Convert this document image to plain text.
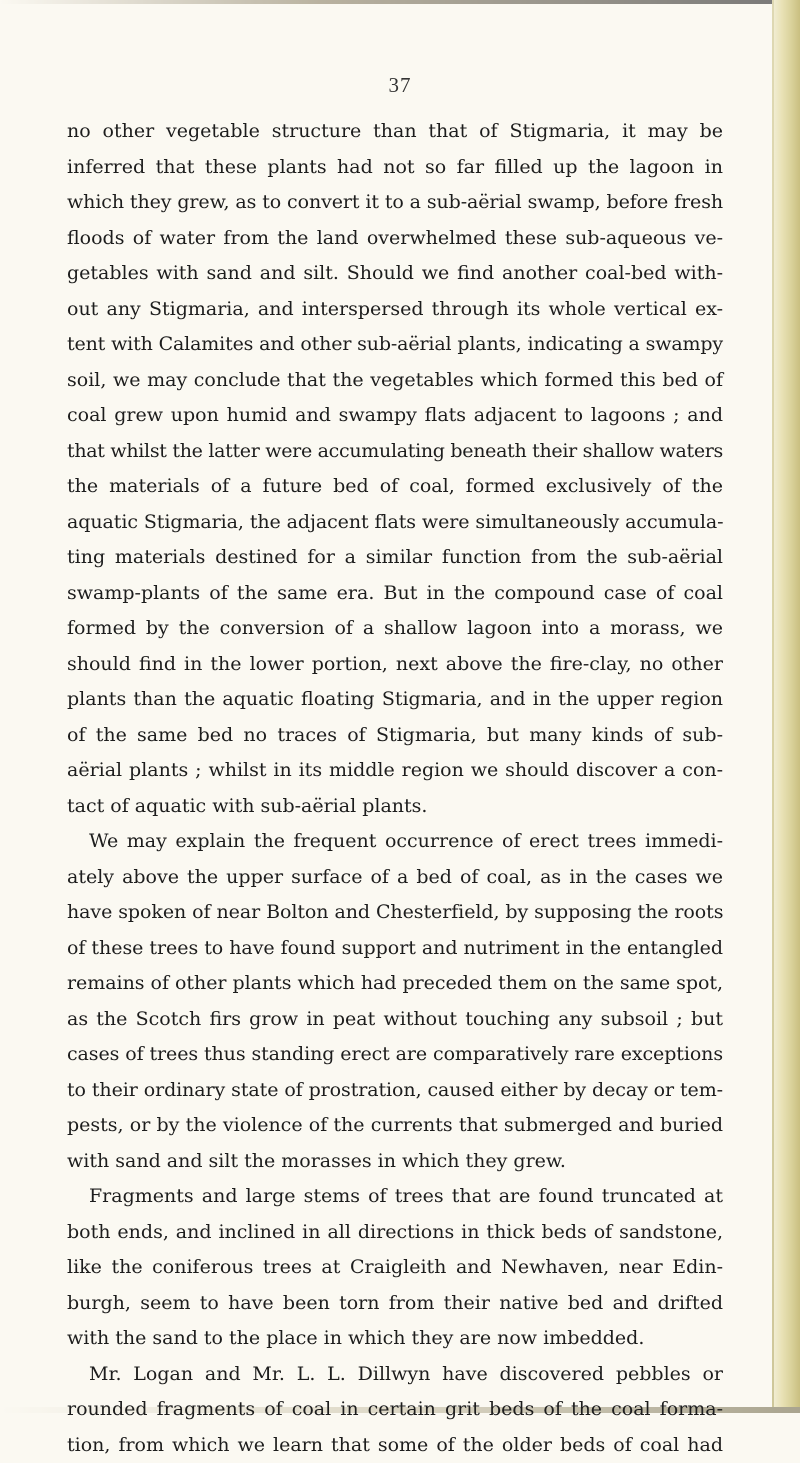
37
no other vegetable structure than that of Stigmaria, it may be
inferred that these plants had not so far filled up the lagoon in
which they grew, as to convert it to a sub-aërial swamp, before fresh
floods of water from the land overwhelmed these sub-aqueous ve-
getables with sand and silt. Should we find another coal-bed with-
out any Stigmaria, and interspersed through its whole vertical ex-
tent with Calamites and other sub-aërial plants, indicating a swampy
soil, we may conclude that the vegetables which formed this bed of
coal grew upon humid and swampy flats adjacent to lagoons ; and
that whilst the latter were accumulating beneath their shallow waters
the materials of a future bed of coal, formed exclusively of the
aquatic Stigmaria, the adjacent flats were simultaneously accumula-
ting materials destined for a similar function from the sub-aërial
swamp-plants of the same era. But in the compound case of coal
formed by the conversion of a shallow lagoon into a morass, we
should find in the lower portion, next above the fire-clay, no other
plants than the aquatic floating Stigmaria, and in the upper region
of the same bed no traces of Stigmaria, but many kinds of sub-
aërial plants ; whilst in its middle region we should discover a con-
tact of aquatic with sub-aërial plants.
We may explain the frequent occurrence of erect trees immedi-
ately above the upper surface of a bed of coal, as in the cases we
have spoken of near Bolton and Chesterfield, by supposing the roots
of these trees to have found support and nutriment in the entangled
remains of other plants which had preceded them on the same spot,
as the Scotch firs grow in peat without touching any subsoil ; but
cases of trees thus standing erect are comparatively rare exceptions
to their ordinary state of prostration, caused either by decay or tem-
pests, or by the violence of the currents that submerged and buried
with sand and silt the morasses in which they grew.
Fragments and large stems of trees that are found truncated at
both ends, and inclined in all directions in thick beds of sandstone,
like the coniferous trees at Craigleith and Newhaven, near Edin-
burgh, seem to have been torn from their native bed and drifted
with the sand to the place in which they are now imbedded.
Mr. Logan and Mr. L. L. Dillwyn have discovered pebbles or
rounded fragments of coal in certain grit beds of the coal forma-
tion, from which we learn that some of the older beds of coal had
